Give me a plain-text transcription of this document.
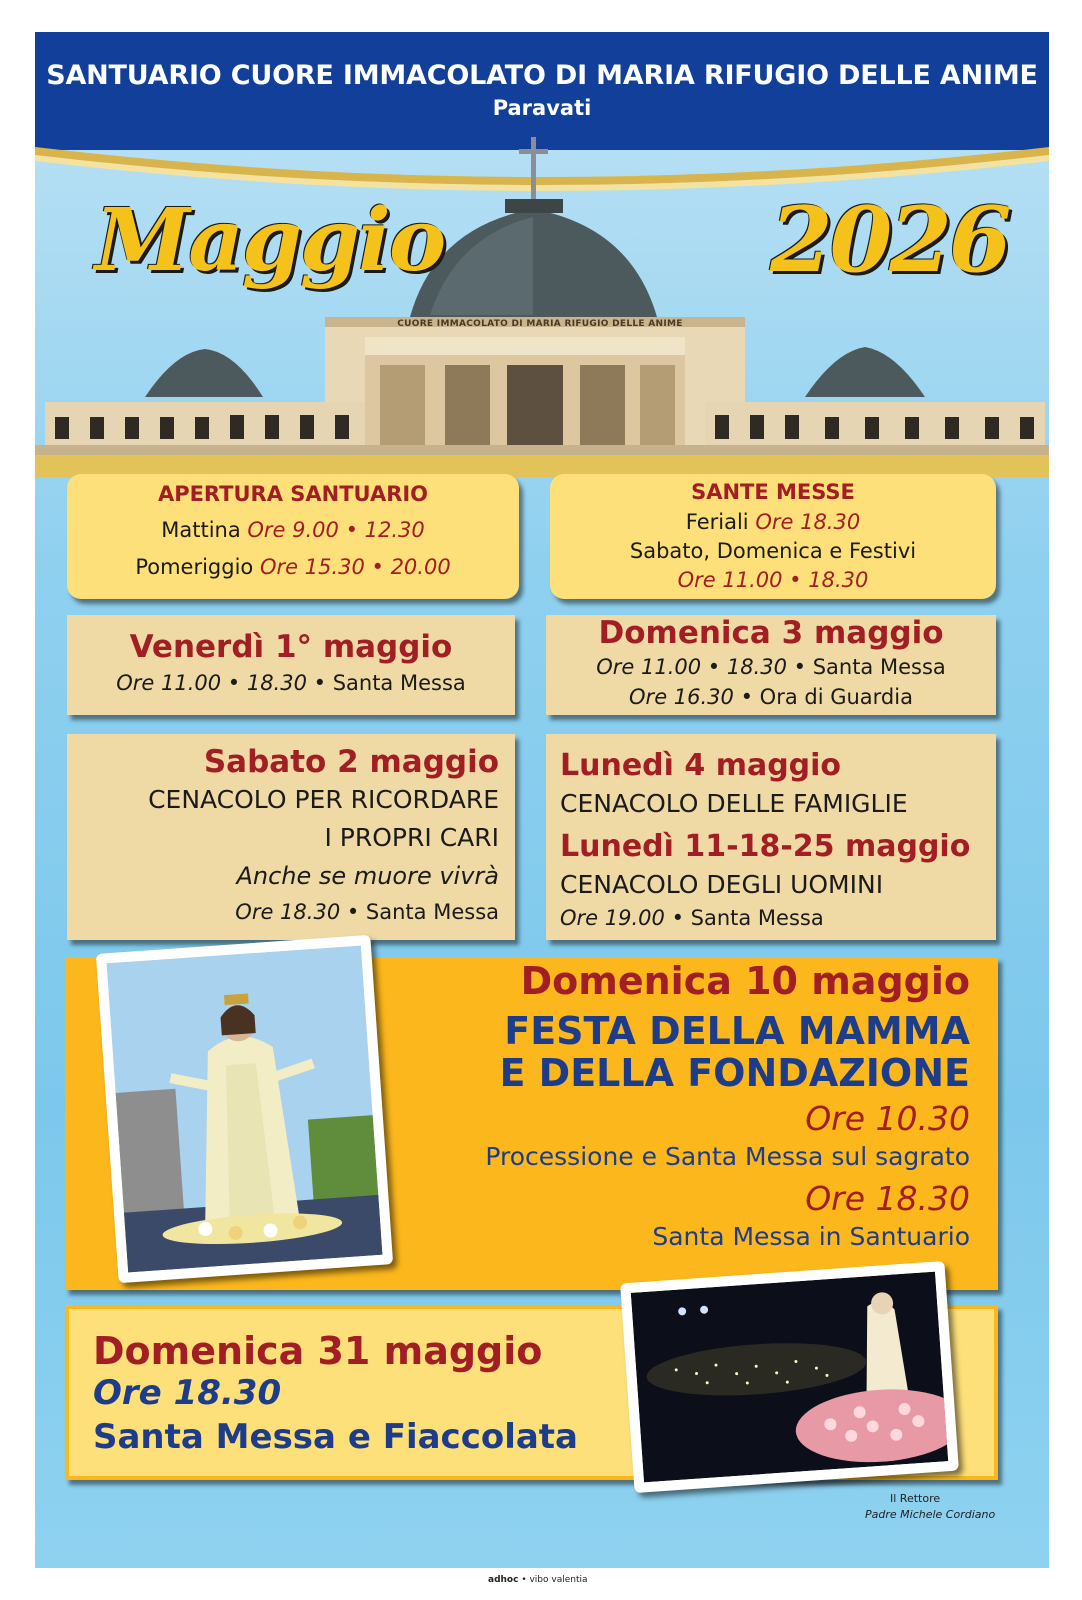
SANTUARIO CUORE IMMACOLATO DI MARIA RIFUGIO DELLE ANIME
Paravati
CUORE IMMACOLATO DI MARIA RIFUGIO DELLE ANIME
Maggio	2026
APERTURA SANTUARIO
Mattina Ore 9.00 • 12.30
Pomeriggio Ore 15.30 • 20.00
SANTE MESSE
Feriali Ore 18.30
Sabato, Domenica e Festivi
Ore 11.00 • 18.30
Venerdì 1° maggio
Ore 11.00 • 18.30 • Santa Messa
Domenica 3 maggio
Ore 11.00 • 18.30 • Santa Messa
Ore 16.30 • Ora di Guardia
Sabato 2 maggio
CENACOLO PER RICORDARE
I PROPRI CARI
Anche se muore vivrà
Ore 18.30 • Santa Messa
Lunedì 4 maggio
CENACOLO DELLE FAMIGLIE
Lunedì 11-18-25 maggio
CENACOLO DEGLI UOMINI
Ore 19.00 • Santa Messa
Domenica 10 maggio
FESTA DELLA MAMMA
E DELLA FONDAZIONE
Ore 10.30
Processione e Santa Messa sul sagrato
Ore 18.30
Santa Messa in Santuario
Domenica 31 maggio
Ore 18.30
Santa Messa e Fiaccolata
Il Rettore
Padre Michele Cordiano
adhoc • vibo valentia
